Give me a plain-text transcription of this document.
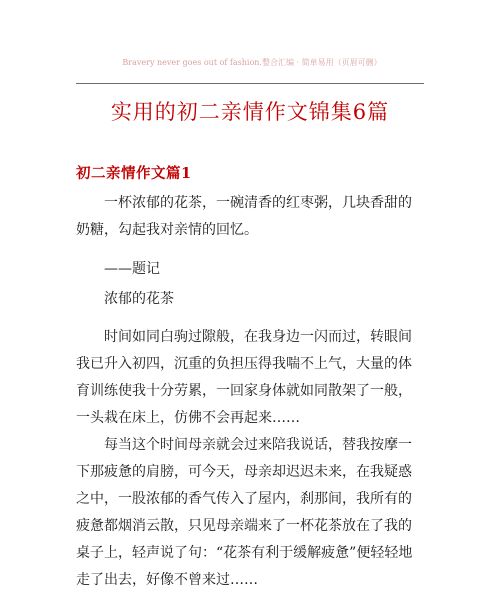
Bravery never goes out of fashion.整合汇编 · 简单易用（页眉可删）
实用的初二亲情作文锦集6篇
初二亲情作文篇1

一杯浓郁的花茶，一碗清香的红枣粥，几块香甜的奶糖，勾起我对亲情的回忆。

——题记

浓郁的花茶

时间如同白驹过隙般，在我身边一闪而过，转眼间我已升入初四，沉重的负担压得我喘不上气，大量的体育训练使我十分劳累，一回家身体就如同散架了一般，一头栽在床上，仿佛不会再起来……

每当这个时间母亲就会过来陪我说话，替我按摩一下那疲惫的肩膀，可今天，母亲却迟迟未来，在我疑惑之中，一股浓郁的香气传入了屋内，刹那间，我所有的疲惫都烟消云散，只见母亲端来了一杯花茶放在了我的桌子上，轻声说了句：“花茶有利于缓解疲惫”便轻轻地走了出去，好像不曾来过……
